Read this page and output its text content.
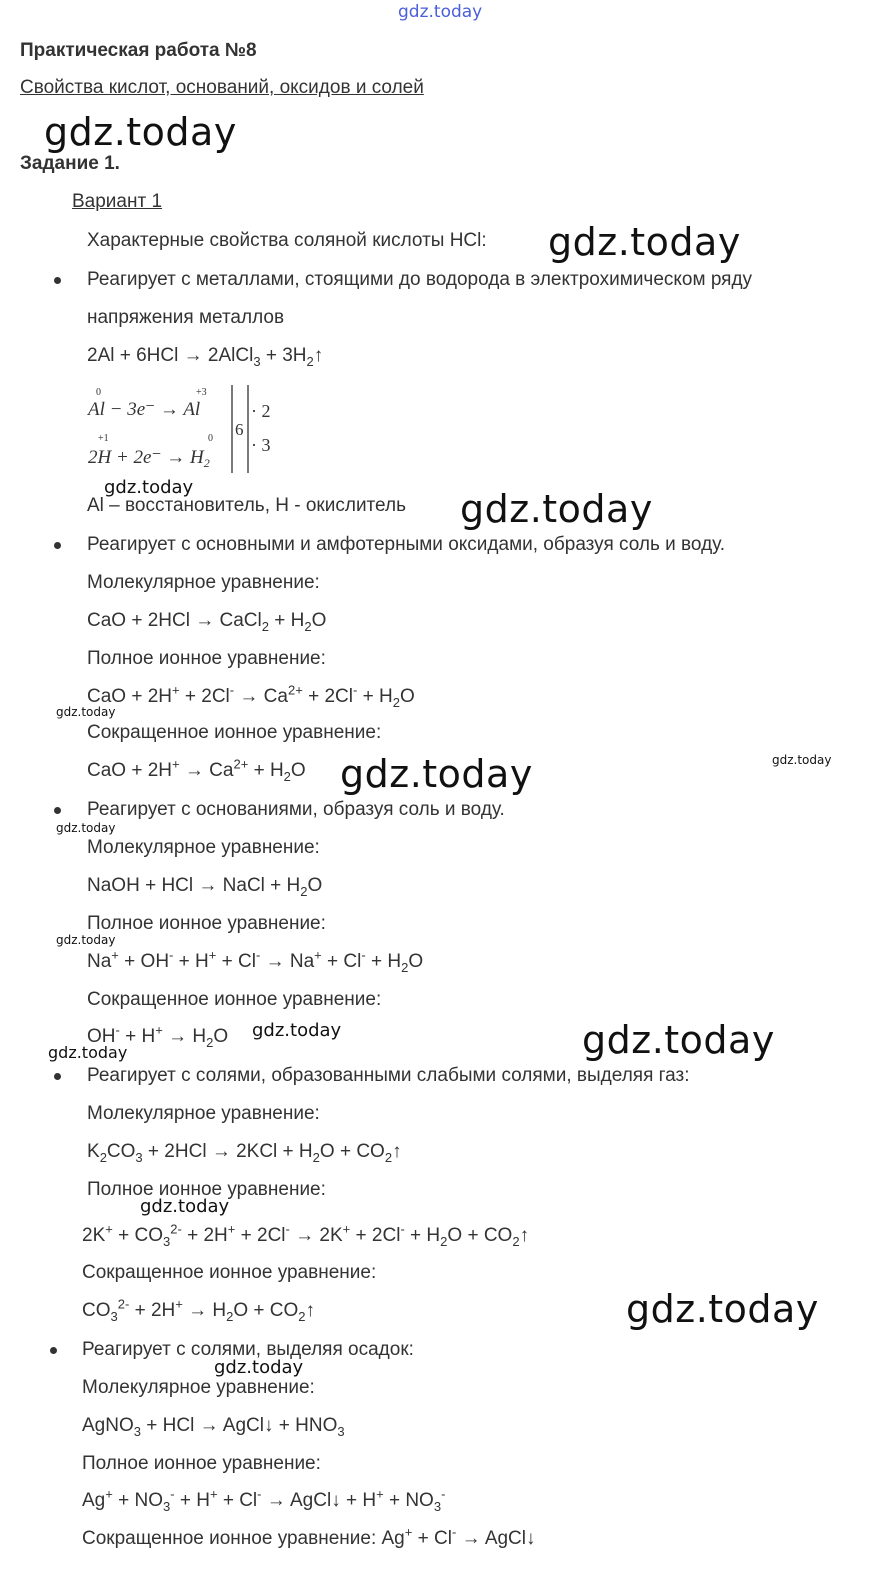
gdz.today
Практическая работа №8
Свойства кислот, оснований, оксидов и солей
gdz.today
Задание 1.
Вариант 1
Характерные свойства соляной кислоты HCl: gdz.today
Реагирует с металлами, стоящими до водорода в электрохимическом ряду
напряжения металлов
2Al + 6HCl → 2AlCl$_3$ + $3H_2↑$
0	+3
Al − 3e⁻ → Al
+1	0
$2H + 2e^- \to H_2$
6
· 2
· 3
gdz.today
Al – восстановитель, H - окислитель gdz.today
Реагирует с основными и амфотерными оксидами, образуя соль и воду.
Молекулярное уравнение:
CaO + 2HCl → CaCl$_2$ + $H_2O$
Полное ионное уравнение:
CaO + $2H^+ + 2Cl^- \to Ca^{2+} + 2Cl^- + H_2O$
gdz.today
Сокращенное ионное уравнение:
CaO + $2H^+ \to Ca^{2+} + H_2O$ gdz.today	gdz.today
Реагирует с основаниями, образуя соль и воду.
gdz.today
Молекулярное уравнение:
NaOH + HCl → NaCl + $H_2O$
Полное ионное уравнение:
gdz.today
$Na^+ + OH^- + H^+ + Cl^- \to Na^+ + Cl^- + H_2O$
Сокращенное ионное уравнение:
$OH^- + H^+ \to H_2O$ gdz.today
gdz.today	gdz.today
Реагирует с солями, образованными слабыми солями, выделяя газ:
Молекулярное уравнение:
$K_2CO_3 + 2HCl \to 2KCl + H_2O$ + $CO_2↑$
Полное ионное уравнение:
gdz.today
$2K^+ + CO_3^{2-} + 2H^+ + 2Cl^- \to 2K^+ + 2Cl^- + H_2O$ + $CO_2↑$
Сокращенное ионное уравнение:
$CO_3^{2-} + 2H^+ \to H_2O$ + $CO_2↑$	gdz.today
Реагирует с солями, выделяя осадок:
gdz.today
Молекулярное уравнение:
AgNO$_3$ + HCl → AgCl↓ + $HNO_3$
Полное ионное уравнение:
$Ag^+ + NO_3^- + H^+ + Cl^-$ → AgCl↓ + $H^+ + NO_3^-$
Сокращенное ионное уравнение: Ag+ + Cl- → AgCl↓
